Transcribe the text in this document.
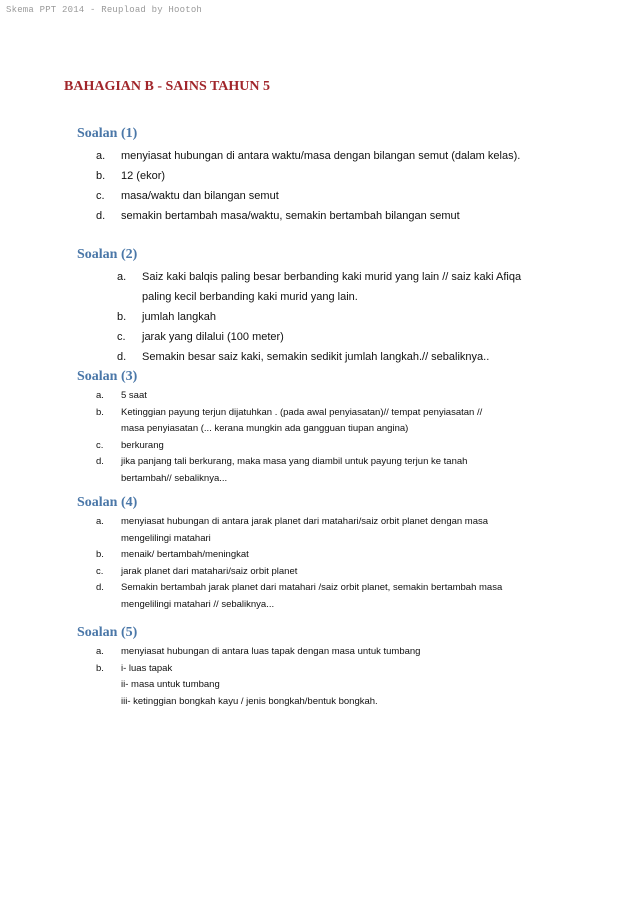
Skema PPT 2014 - Reupload by Hootoh
BAHAGIAN B - SAINS TAHUN 5
Soalan (1)
a. menyiasat hubungan di antara waktu/masa dengan bilangan semut (dalam kelas).
b. 12 (ekor)
c. masa/waktu dan bilangan semut
d. semakin bertambah masa/waktu, semakin bertambah bilangan semut
Soalan (2)
a. Saiz kaki balqis paling besar berbanding kaki murid yang lain // saiz kaki Afiqa
paling kecil berbanding kaki murid yang lain.
b. jumlah langkah
c. jarak yang dilalui (100 meter)
d. Semakin besar saiz kaki, semakin sedikit jumlah langkah.// sebaliknya..
Soalan (3)
a. 5 saat
b. Ketinggian payung terjun dijatuhkan . (pada awal penyiasatan)// tempat penyiasatan //
masa penyiasatan (... kerana mungkin ada gangguan tiupan angina)
c. berkurang
d. jika panjang tali berkurang, maka masa yang diambil untuk payung terjun ke tanah
bertambah// sebaliknya...
Soalan (4)
a. menyiasat hubungan di antara jarak planet dari matahari/saiz orbit planet dengan masa
mengelilingi matahari
b. menaik/ bertambah/meningkat
c. jarak planet dari matahari/saiz orbit planet
d. Semakin bertambah jarak planet dari matahari /saiz orbit planet, semakin bertambah masa
mengelilingi matahari // sebaliknya...
Soalan (5)
a. menyiasat hubungan di antara luas tapak dengan masa untuk tumbang
b. i- luas tapak
ii- masa untuk tumbang
iii- ketinggian bongkah kayu / jenis bongkah/bentuk bongkah.
